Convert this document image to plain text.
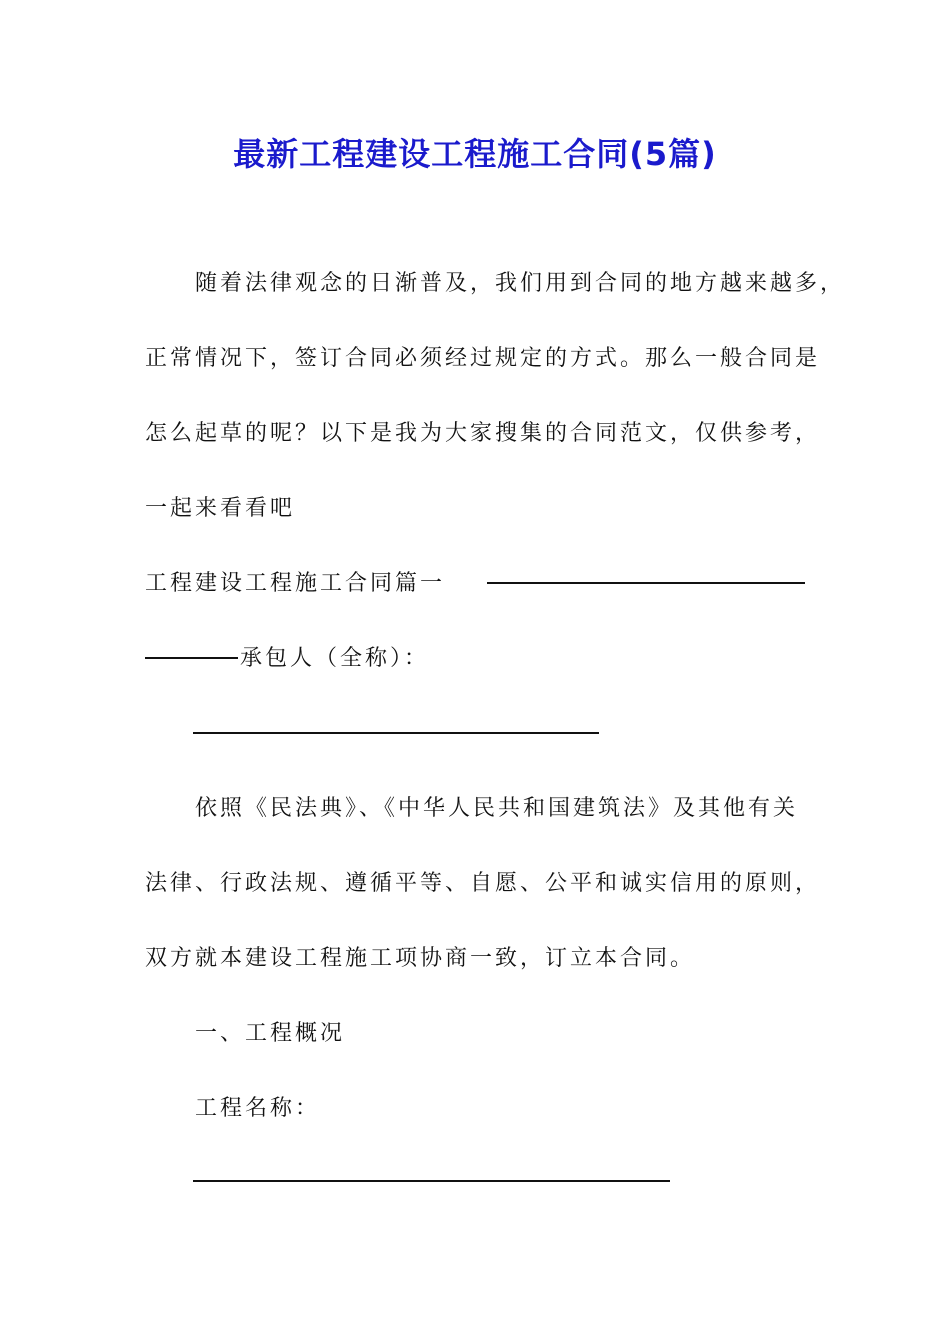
最新工程建设工程施工合同(5篇)
随着法律观念的日渐普及，我们用到合同的地方越来越多，
正常情况下，签订合同必须经过规定的方式。那么一般合同是
怎么起草的呢？以下是我为大家搜集的合同范文，仅供参考，
一起来看看吧
工程建设工程施工合同篇一
承包人（全称）：
依照《民法典》、《中华人民共和国建筑法》及其他有关
法律、行政法规、遵循平等、自愿、公平和诚实信用的原则，
双方就本建设工程施工项协商一致，订立本合同。
一、工程概况
工程名称：
